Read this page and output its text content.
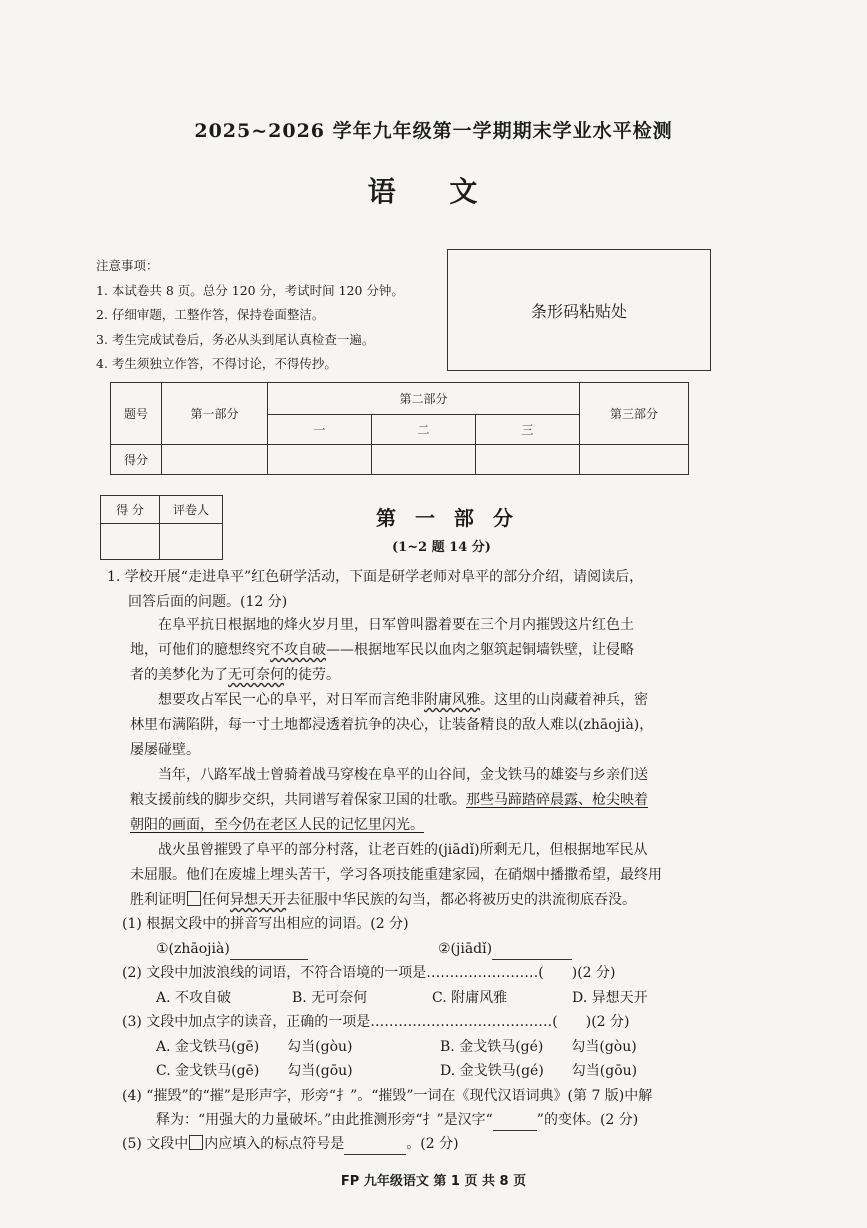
2025~2026 学年九年级第一学期期末学业水平检测
语 文
注意事项：
1. 本试卷共 8 页。总分 120 分，考试时间 120 分钟。
2. 仔细审题，工整作答，保持卷面整洁。
3. 考生完成试卷后，务必从头到尾认真检查一遍。
4. 考生须独立作答，不得讨论，不得传抄。
条形码粘贴处
题号	第一部分	第二部分			第三部分
		一	二	三	
得分					
得 分	评卷人
		第 一 部 分
(1~2 题 14 分)
1. 学校开展“走进阜平”红色研学活动，下面是研学老师对阜平的部分介绍，请阅读后，
回答后面的问题。(12 分)
在阜平抗日根据地的烽火岁月里，日军曾叫嚣着要在三个月内摧毁这片红色土
地，可他们的臆想终究不攻自破——根据地军民以血肉之躯筑起铜墙铁壁，让侵略
者的美梦化为了无可奈何的徒劳。
想要攻占军民一心的阜平，对日军而言绝非附庸风雅。这里的山岗藏着神兵，密
林里布满陷阱，每一寸土地都浸透着抗争的决心，让装备精良的敌人难以(zhāojià)，
屡屡碰壁。
当年，八路军战士曾骑着战马穿梭在阜平的山谷间，金戈铁马的雄姿与乡亲们送
粮支援前线的脚步交织，共同谱写着保家卫国的壮歌。那些马蹄踏碎晨露、枪尖映着
朝阳的画面，至今仍在老区人民的记忆里闪光。
战火虽曾摧毁了阜平的部分村落，让老百姓的(jiādǐ)所剩无几，但根据地军民从
未屈服。他们在废墟上埋头苦干，学习各项技能重建家园，在硝烟中播撒希望，最终用
胜利证明 任何异想天开去征服中华民族的勾当，都必将被历史的洪流彻底吞没。
(1) 根据文段中的拼音写出相应的词语。(2 分)
①(zhāojià)	②(jiādǐ)
(2) 文段中加波浪线的词语，不符合语境的一项是……………………(　　)(2 分)
A. 不攻自破	B. 无可奈何	C. 附庸风雅	D. 异想天开
(3) 文段中加点字的读音，正确的一项是…………………………………(　　)(2 分)
A. 金戈铁马(gē)　　勾当(gòu)	B. 金戈铁马(gé)　　勾当(gòu)
C. 金戈铁马(gē)　　勾当(gōu)	D. 金戈铁马(gé)　　勾当(gōu)
(4) “摧毁”的“摧”是形声字，形旁“扌”。“摧毁”一词在《现代汉语词典》(第 7 版)中解
释为：“用强大的力量破坏。”由此推测形旁“扌”是汉字“	”的变体。(2 分)
(5) 文段中 内应填入的标点符号是	。(2 分)
FP 九年级语文 第 1 页 共 8 页
